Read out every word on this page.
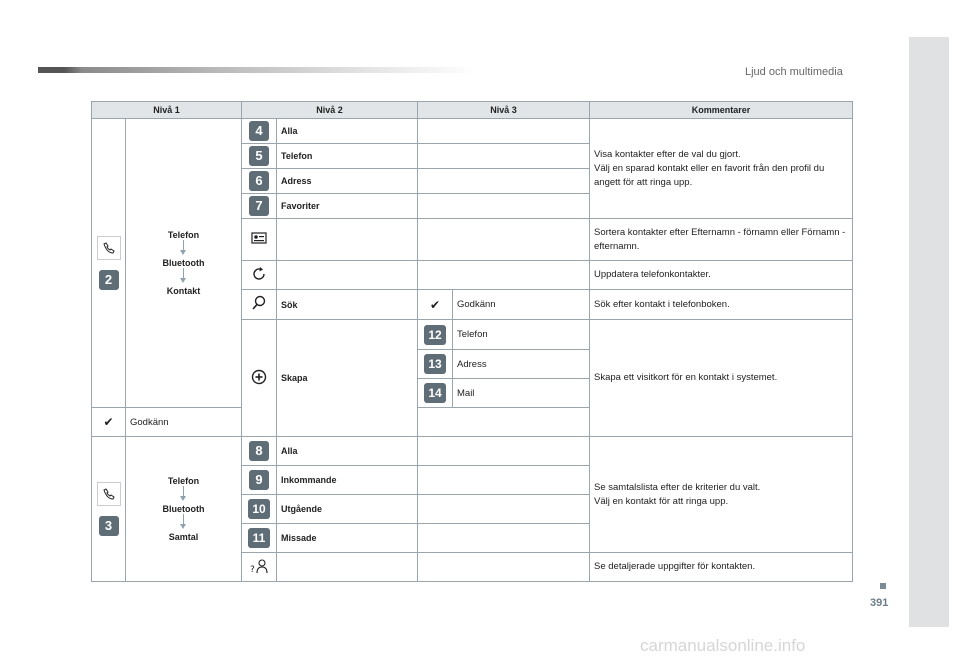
Ljud och multimedia
391
carmanualsonline.info
Nivå 1		Nivå 2		Nivå 3		Kommentarer

2	Telefon
Bluetooth
Kontakt	4	Alla			Visa kontakter efter de val du gjort.
Välj en sparad kontakt eller en favorit från den profil du angett för att ringa upp.
		5	Telefon			
		6	Adress			
		7	Favoriter			
			Sortera kontakter efter Efternamn - förnamn eller Förnamn - efternamn.
			Uppdatera telefonkontakter.
	Sök	✔	Godkänn	Sök efter kontakt i telefonboken.
	Skapa	12	Telefon	Skapa ett visitkort för en kontakt i systemet.
				13	Adress	
				14	Mail	
✔	Godkänn					

3	Telefon
Bluetooth
Samtal	8	Alla			Se samtalslista efter de kriterier du valt.
Välj en kontakt för att ringa upp.
		9	Inkommande			
		10	Utgående			
		11	Missade			

?				Se detaljerade uppgifter för kontakten.
